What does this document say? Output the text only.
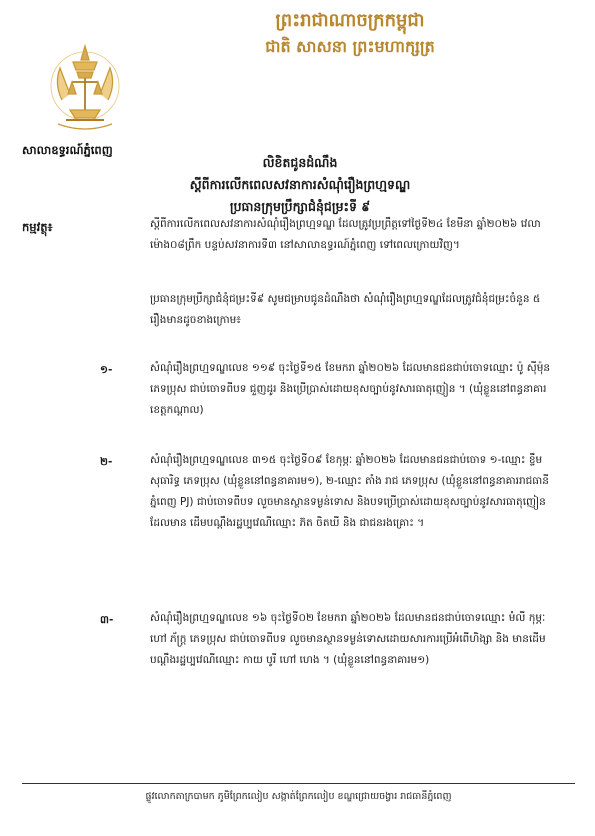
ព្រះរាជាណាចក្រកម្ពុជា
ជាតិ សាសនា ព្រះមហាក្សត្រ
សាលាឧទ្ធរណ៍ភ្នំពេញ
លិខិតជូនដំណឹង
ស្តីពីការលើកពេលសវនាការសំណុំរឿងព្រហ្មទណ្ឌ
ប្រធានក្រុមប្រឹក្សាជំនុំជម្រះទី ៩
កម្មវត្ថុ៖	ស្តីពីការលើកពេលសវនាការសំណុំរឿងព្រហ្មទណ្ឌ ដែលត្រូវប្រព្រឹត្តទៅថ្ងៃទី២៤ ខែមីនា ឆ្នាំ២០២៦ វេលាម៉ោង០៨ព្រឹក បន្ទប់សវនាការទី៣ នៅសាលាឧទ្ធរណ៍ភ្នំពេញ ទៅពេលក្រោយវិញ។
ប្រធានក្រុមប្រឹក្សាជំនុំជម្រះទី៩ សូមជម្រាបជូនដំណឹងថា សំណុំរឿងព្រហ្មទណ្ឌដែលត្រូវជំនុំជម្រះចំនួន ៥ រឿងមានដូចខាងក្រោម៖
១-	សំណុំរឿងព្រហ្មទណ្ឌលេខ ១១៩ ចុះថ្ងៃទី១៥ ខែមករា ឆ្នាំ២០២៦ ដែលមានជនជាប់ចោទឈ្មោះ ប៉ូ ស៊ីម៉ុន ភេទប្រុស ជាប់ចោទពីបទ ជួញដូរ និងប្រើប្រាស់ដោយខុសច្បាប់នូវសារធាតុញៀន ។ (ឃុំខ្លួននៅពន្ធនាគារ ខេត្តកណ្តាល)
២-	សំណុំរឿងព្រហ្មទណ្ឌលេខ ៣១៥ ចុះថ្ងៃទី០៩ ខែកុម្ភៈ ឆ្នាំ២០២៦ ដែលមានជនជាប់ចោទ ១-ឈ្មោះ ខ្ទឹម សុធារិទ្ធ ភេទប្រុស (ឃុំខ្លួននៅពន្ធនាគារម១), ២-ឈ្មោះ តាំង រាជ ភេទប្រុស (ឃុំខ្លួននៅពន្ធនាគាររាជធានីភ្នំពេញ PJ) ជាប់ចោទពីបទ លួចមានស្ថានទម្ងន់ទោស និងបទប្រើប្រាស់ដោយខុសច្បាប់នូវសារធាតុញៀន ដែលមាន ដើមបណ្តឹងរដ្ឋប្បវេណីឈ្មោះ ភ៊ត ចិតឃី និង ជាជនរងគ្រោះ ។
៣-	សំណុំរឿងព្រហ្មទណ្ឌលេខ ១៦ ចុះថ្ងៃទី០២ ខែមករា ឆ្នាំ២០២៦ ដែលមានជនជាប់ចោទឈ្មោះ មំលី កុម្ភៈ ហៅ ភ័ក្ត្រ ភេទប្រុស ជាប់ចោទពីបទ លួចមានស្ថានទម្ងន់ទោសដោយសារការប្រើអំពើហិង្សា និង មានដើមបណ្តឹងរដ្ឋប្បវេណីឈ្មោះ កាយ បូរី ហៅ ហេង ។ (ឃុំខ្លួននៅពន្ធនាគារម១)
ផ្លូវលោកតាក្របាមក ភូមិព្រែកលៀប សង្កាត់ព្រែកលៀប ខណ្ឌជ្រោយចង្វារ រាជធានីភ្នំពេញ
